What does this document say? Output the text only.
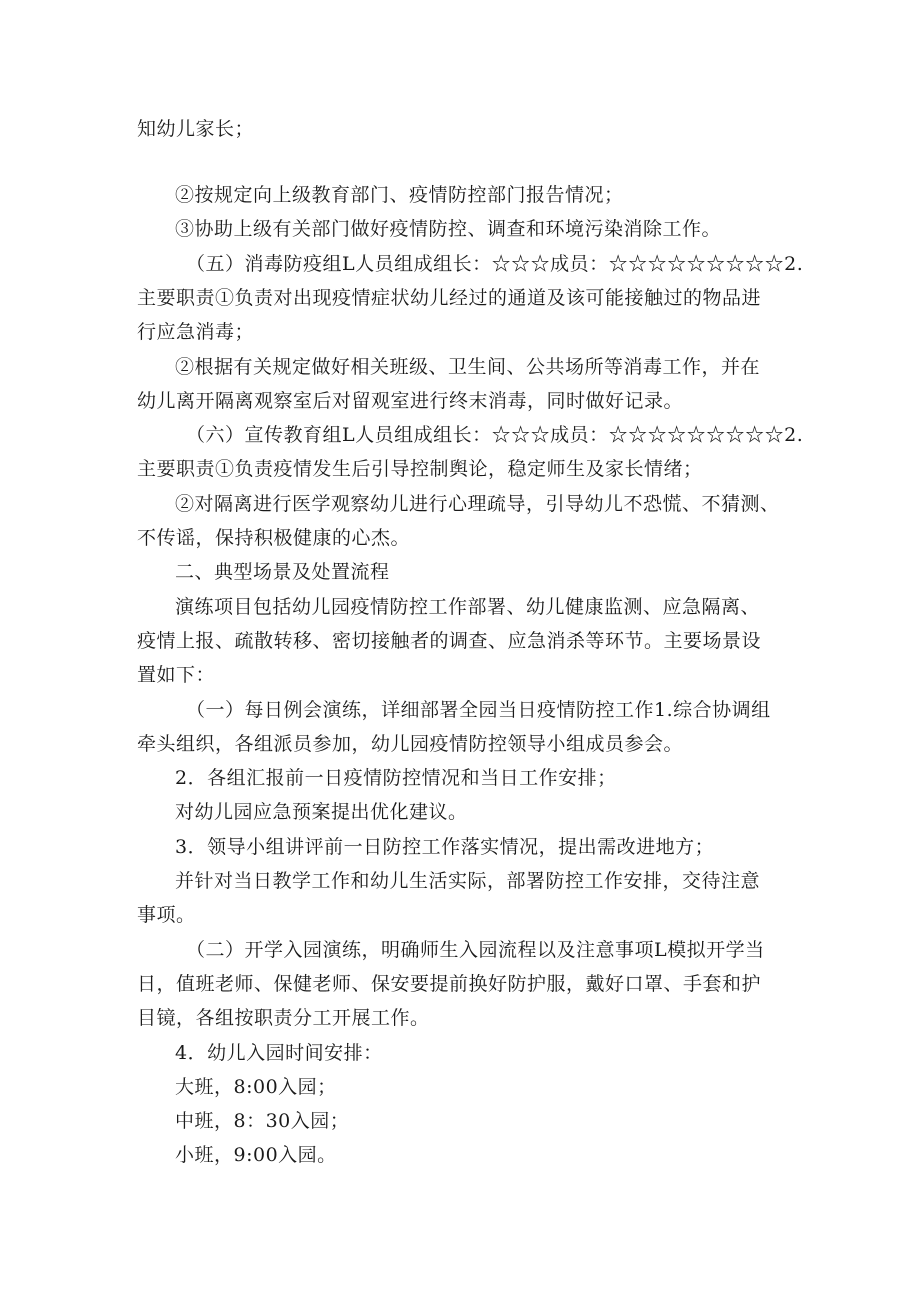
知幼儿家长；
②按规定向上级教育部门、疫情防控部门报告情况；
③协助上级有关部门做好疫情防控、调查和环境污染消除工作。
（五）消毒防疫组L人员组成组长：☆☆☆成员：☆☆☆☆☆☆☆☆☆2.
主要职责①负责对出现疫情症状幼儿经过的通道及该可能接触过的物品进
行应急消毒；
②根据有关规定做好相关班级、卫生间、公共场所等消毒工作，并在
幼儿离开隔离观察室后对留观室进行终末消毒，同时做好记录。
（六）宣传教育组L人员组成组长：☆☆☆成员：☆☆☆☆☆☆☆☆☆2.
主要职责①负责疫情发生后引导控制舆论，稳定师生及家长情绪；
②对隔离进行医学观察幼儿进行心理疏导，引导幼儿不恐慌、不猜测、
不传谣，保持积极健康的心杰。
二、典型场景及处置流程
演练项目包括幼儿园疫情防控工作部署、幼儿健康监测、应急隔离、
疫情上报、疏散转移、密切接触者的调查、应急消杀等环节。主要场景设
置如下：
（一）每日例会演练，详细部署全园当日疫情防控工作1.综合协调组
牵头组织，各组派员参加，幼儿园疫情防控领导小组成员参会。
2．各组汇报前一日疫情防控情况和当日工作安排；
对幼儿园应急预案提出优化建议。
3．领导小组讲评前一日防控工作落实情况，提出需改进地方；
并针对当日教学工作和幼儿生活实际，部署防控工作安排，交待注意
事项。
（二）开学入园演练，明确师生入园流程以及注意事项L模拟开学当
日，值班老师、保健老师、保安要提前换好防护服，戴好口罩、手套和护
目镜，各组按职责分工开展工作。
4．幼儿入园时间安排：
大班，8:00入园；
中班，8：30入园；
小班，9:00入园。
